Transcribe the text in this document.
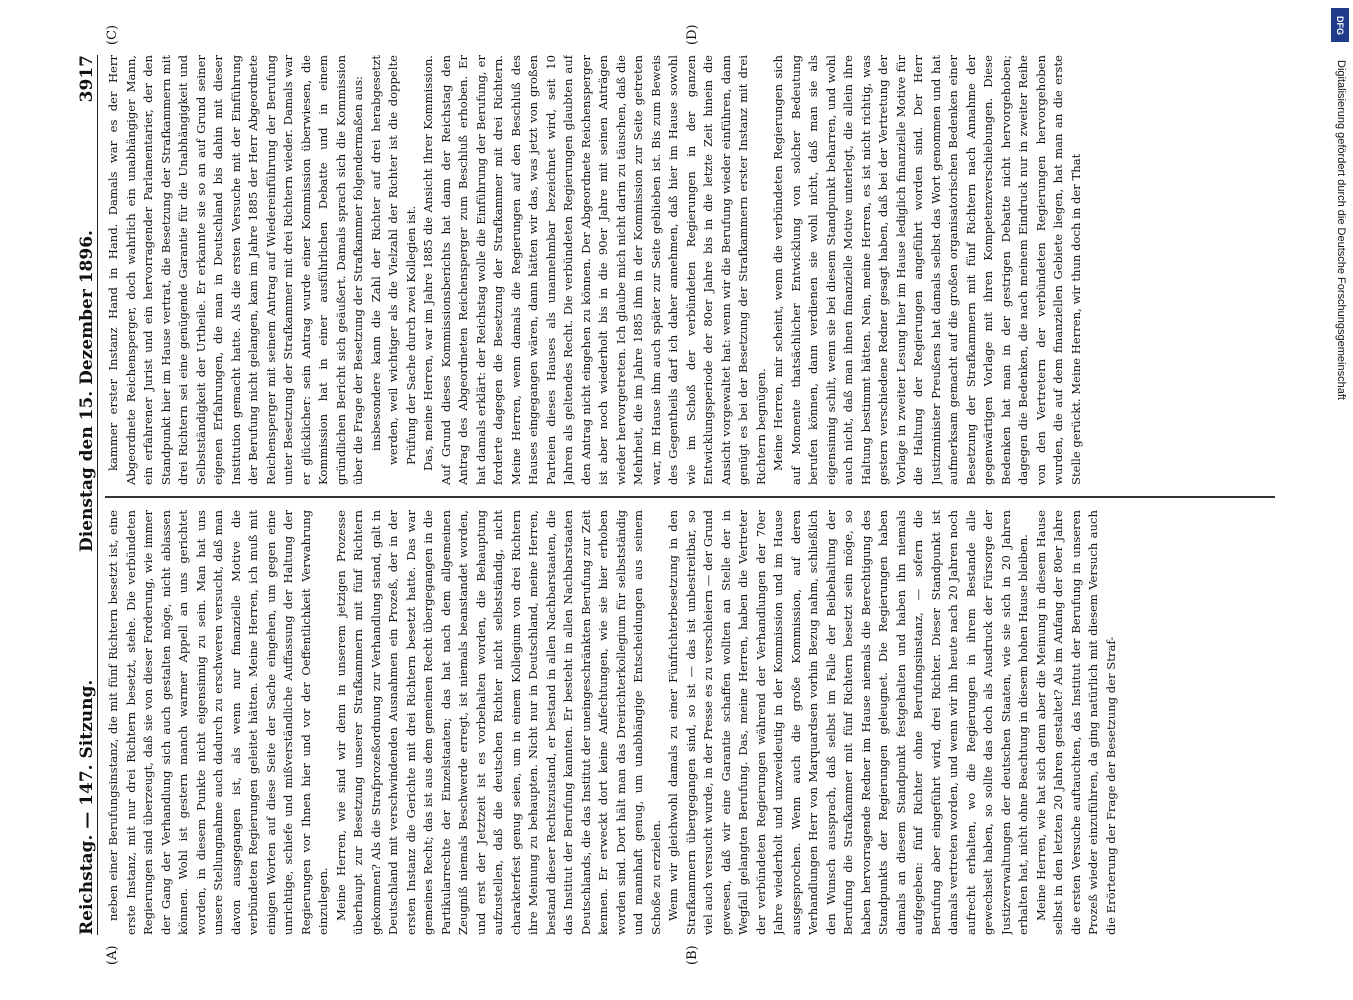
Reichstag. — 147. Sitzung.
Dienstag den 15. Dezember 1896.
3917
(A)	(B)

neben einer Berufungsinstanz, die mit fünf Richtern besetzt ist, eine erste Instanz, mit nur drei Richtern besetzt, stehe. Die verbündeten Regierungen sind überzeugt, daß sie von dieser Forderung, wie immer der Gang der Verhandlung sich auch gestalten möge, nicht ablassen können. Wohl ist gestern manch warmer Appell an uns gerichtet worden, in diesem Punkte nicht eigensinnig zu sein. Man hat uns unsere Stellungnahme auch dadurch zu erschweren versucht, daß man davon ausgegangen ist, als wenn nur finanzielle Motive die verbündeten Regierungen geleitet hätten. Meine Herren, ich muß mit einigen Worten auf diese Seite der Sache eingehen, um gegen eine unrichtige, schiefe und mißverständliche Auffassung der Haltung der Regierungen vor Ihnen hier und vor der Oeffentlichkeit Verwahrung einzulegen. Meine Herren, wie sind wir denn in unserem jetzigen Prozesse überhaupt zur Besetzung unserer Strafkammern mit fünf Richtern gekommen? Als die Strafprozeßordnung zur Verhandlung stand, galt in Deutschland mit verschwindenden Ausnahmen ein Prozeß, der in der ersten Instanz die Gerichte mit drei Richtern besetzt hatte. Das war gemeines Recht; das ist aus dem gemeinen Recht übergegangen in die Partikularrechte der Einzelstaaten; das hat nach dem allgemeinen Zeugniß niemals Beschwerde erregt, ist niemals beanstandet worden, und erst der Jetztzeit ist es vorbehalten worden, die Behauptung aufzustellen, daß die deutschen Richter nicht selbstständig, nicht charakterfest genug seien, um in einem Kollegium von drei Richtern ihre Meinung zu behaupten. Nicht nur in Deutschland, meine Herren, bestand dieser Rechtszustand, er bestand in allen Nachbarstaaten, die das Institut der Berufung kannten. Er besteht in allen Nachbarstaaten Deutschlands, die das Institut der uneingeschränkten Berufung zur Zeit kennen. Er erweckt dort keine Anfechtungen, wie sie hier erhoben worden sind. Dort hält man das Dreirichterkollegium für selbstständig und mannhaft genug, um unabhängige Entscheidungen aus seinem Schoße zu erzielen. Wenn wir gleichwohl damals zu einer Fünfrichterbesetzung in den Strafkammern übergegangen sind, so ist — das ist unbestreitbar, so viel auch versucht wurde, in der Presse es zu verschleiern — der Grund gewesen, daß wir eine Garantie schaffen wollten an Stelle der in Wegfall gelangten Berufung. Das, meine Herren, haben die Vertreter der verbündeten Regierungen während der Verhandlungen der 70er Jahre wiederholt und unzweideutig in der Kommission und im Hause ausgesprochen. Wenn auch die große Kommission, auf deren Verhandlungen Herr von Marquardsen vorhin Bezug nahm, schließlich den Wunsch aussprach, daß selbst im Falle der Beibehaltung der Berufung die Strafkammer mit fünf Richtern besetzt sein möge, so haben hervorragende Redner im Hause niemals die Berechtigung des Standpunkts der Regierungen geleugnet. Die Regierungen haben damals an diesem Standpunkt festgehalten und haben ihn niemals aufgegeben: fünf Richter ohne Berufungsinstanz, — sofern die Berufung aber eingeführt wird, drei Richter. Dieser Standpunkt ist damals vertreten worden, und wenn wir ihn heute nach 20 Jahren noch aufrecht erhalten, wo die Regierungen in ihrem Bestande alle gewechselt haben, so sollte das doch als Ausdruck der Fürsorge der Justizverwaltungen der deutschen Staaten, wie sie sich in 20 Jahren erhalten hat, nicht ohne Beachtung in diesem hohen Hause bleiben. Meine Herren, wie hat sich denn aber die Meinung in diesem Hause selbst in den letzten 20 Jahren gestaltet? Als im Anfang der 80er Jahre die ersten Versuche auftauchten, das Institut der Berufung in unseren Prozeß wieder einzuführen, da ging natürlich mit diesem Versuch auch die Erörterung der Frage der Besetzung der Straf-

kammer erster Instanz Hand in Hand. Damals war es der Herr Abgeordnete Reichensperger, doch wahrlich ein unabhängiger Mann, ein erfahrener Jurist und ein hervorragender Parlamentarier, der den Standpunkt hier im Hause vertrat, die Besetzung der Strafkammern mit drei Richtern sei eine genügende Garantie für die Unabhängigkeit und Selbstständigkeit der Urtheile. Er erkannte sie so an auf Grund seiner eigenen Erfahrungen, die man in Deutschland bis dahin mit dieser Institution gemacht hatte. Als die ersten Versuche mit der Einführung der Berufung nicht gelangen, kam im Jahre 1885 der Herr Abgeordnete Reichensperger mit seinem Antrag auf Wiedereinführung der Berufung unter Besetzung der Strafkammer mit drei Richtern wieder. Damals war er glücklicher: sein Antrag wurde einer Kommission überwiesen, die Kommission hat in einer ausführlichen Debatte und in einem gründlichen Bericht sich geäußert. Damals sprach sich die Kommission über die Frage der Besetzung der Strafkammer folgendermaßen aus: insbesondere kann die Zahl der Richter auf drei herabgesetzt werden, weil wichtiger als die Vielzahl der Richter ist die doppelte Prüfung der Sache durch zwei Kollegien ist. Das, meine Herren, war im Jahre 1885 die Ansicht Ihrer Kommission. Auf Grund dieses Kommissionsberichts hat dann der Reichstag den Antrag des Abgeordneten Reichensperger zum Beschluß erhoben. Er hat damals erklärt: der Reichstag wolle die Einführung der Berufung, er forderte dagegen die Besetzung der Strafkammer mit drei Richtern. Meine Herren, wenn damals die Regierungen auf den Beschluß des Hauses eingegangen wären, dann hätten wir das, was jetzt von großen Parteien dieses Hauses als unannehmbar bezeichnet wird, seit 10 Jahren als geltendes Recht. Die verbündeten Regierungen glaubten auf den Antrag nicht eingehen zu können. Der Abgeordnete Reichensperger ist aber noch wiederholt bis in die 90er Jahre mit seinen Anträgen wieder hervorgetreten. Ich glaube mich nicht darin zu täuschen, daß die Mehrheit, die im Jahre 1885 ihm in der Kommission zur Seite getreten war, im Hause ihm auch später zur Seite geblieben ist. Bis zum Beweis des Gegentheils darf ich daher annehmen, daß hier im Hause sowohl wie im Schoß der verbündeten Regierungen in der ganzen Entwicklungsperiode der 80er Jahre bis in die letzte Zeit hinein die Ansicht vorgewaltet hat: wenn wir die Berufung wieder einführen, dann genügt es bei der Besetzung der Strafkammern erster Instanz mit drei Richtern begnügen. Meine Herren, mir scheint, wenn die verbündeten Regierungen sich auf Momente thatsächlicher Entwicklung von solcher Bedeutung berufen können, dann verdienen sie wohl nicht, daß man sie als eigensinnig schilt, wenn sie bei diesem Standpunkt beharren, und wohl auch nicht, daß man ihnen finanzielle Motive unterlegt, die allein ihre Haltung bestimmt hätten. Nein, meine Herren, es ist nicht richtig, was gestern verschiedene Redner gesagt haben, daß bei der Vertretung der Vorlage in zweiter Lesung hier im Hause lediglich finanzielle Motive für die Haltung der Regierungen angeführt worden sind. Der Herr Justizminister Preußens hat damals selbst das Wort genommen und hat aufmerksam gemacht auf die großen organisatorischen Bedenken einer Besetzung der Strafkammern mit fünf Richtern nach Annahme der gegenwärtigen Vorlage mit ihren Kompetenzverschiebungen. Diese Bedenken hat man in der gestrigen Debatte nicht hervorgehoben; dagegen die Bedenken, die nach meinem Eindruck nur in zweiter Reihe von den Vertretern der verbündeten Regierungen hervorgehoben wurden, die auf dem finanziellen Gebiete liegen, hat man an die erste Stelle gerückt. Meine Herren, wir thun doch in der That

(C)	(D)	DFG
Digitalisierung gefördert durch die Deutsche Forschungsgemeinschaft
